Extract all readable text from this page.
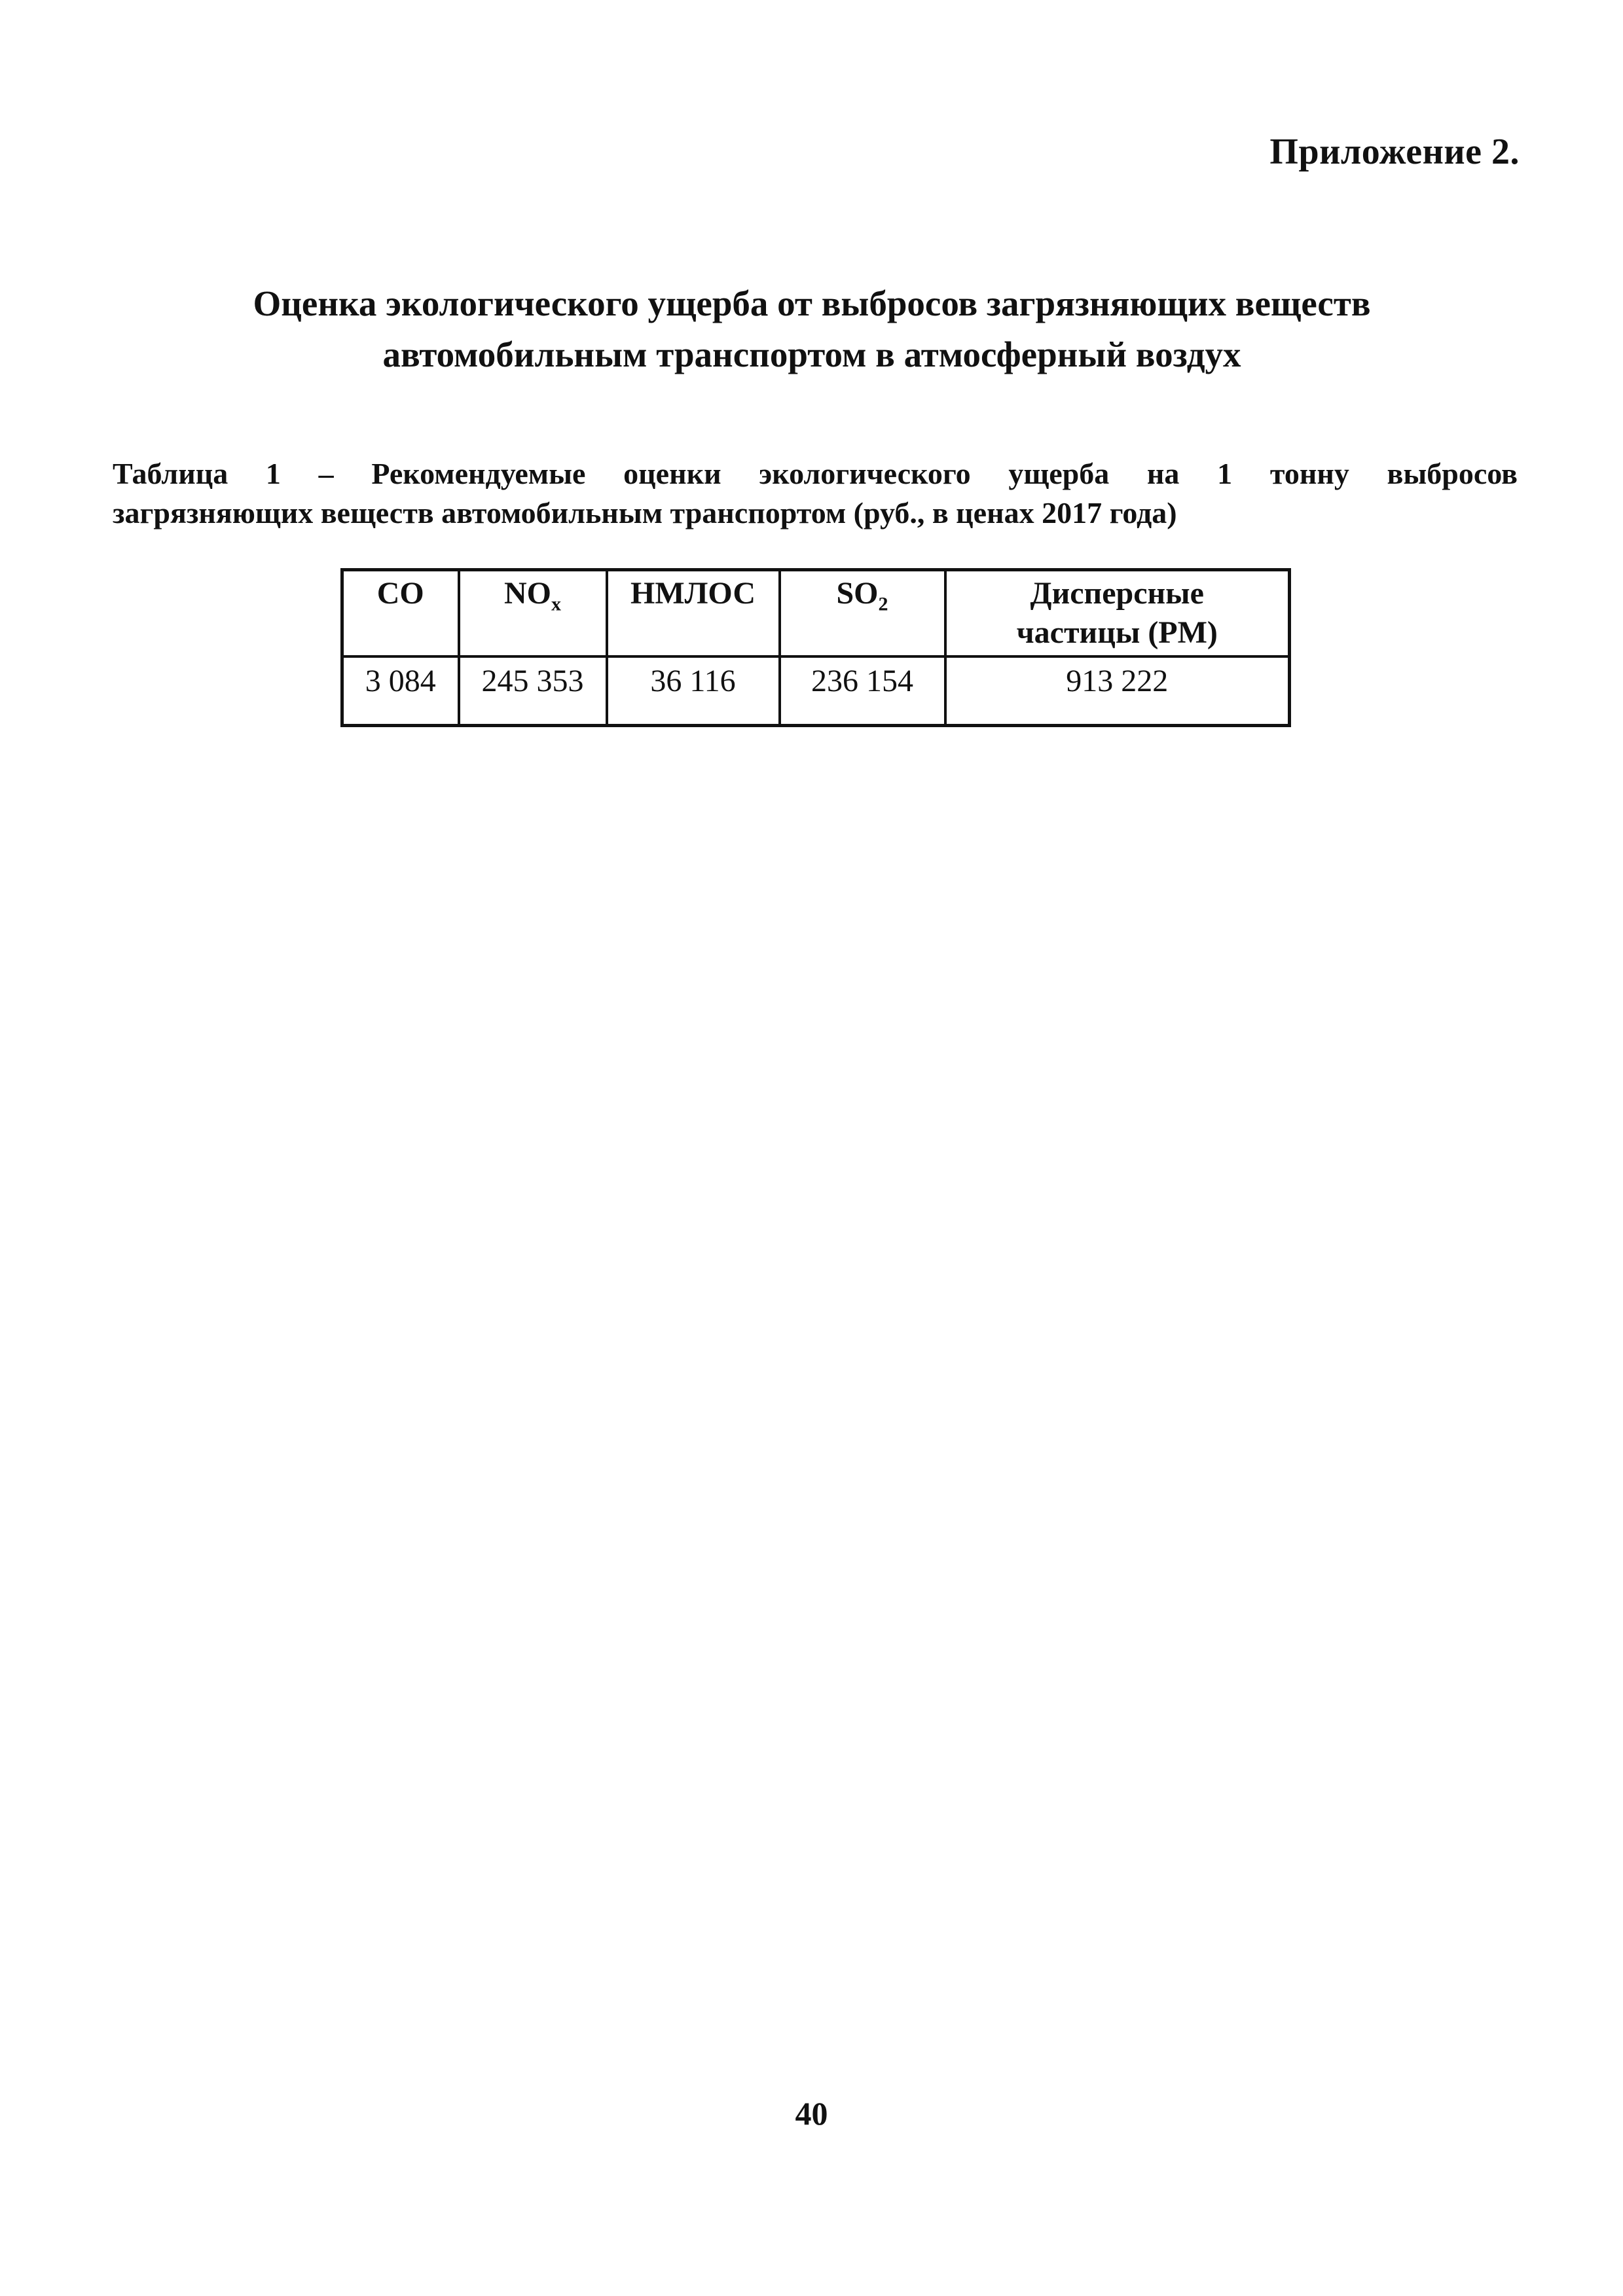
Приложение 2.

Оценка экологического ущерба от выбросов загрязняющих веществ
автомобильным транспортом в атмосферный воздух

Таблица 1 – Рекомендуемые оценки экологического ущерба на 1 тонну выбросов
загрязняющих веществ автомобильным транспортом (руб., в ценах 2017 года)

CO	$NO_x$	НМЛОС	$SO_2$	Дисперсные
частицы (PM)

3 084	245 353	36 116	236 154	913 222

40
